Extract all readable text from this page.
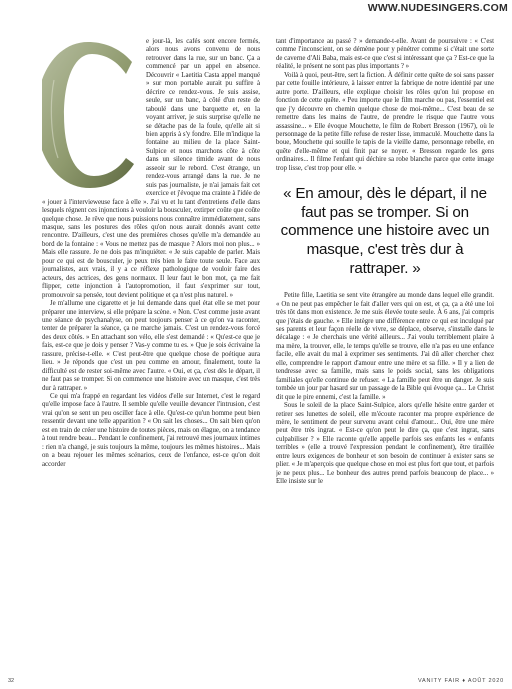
WWW.NUDESINGERS.COM

e jour-là, les cafés sont encore fermés, alors nous avons convenu de nous retrouver dans la rue, sur un banc. Ça a commencé par un appel en absence. Découvrir « Laetitia Casta appel manqué » sur mon portable aurait pu suffire à décrire ce rendez-vous. Je suis assise, seule, sur un banc, à côté d'un reste de taboulé dans une barquette et, en la voyant arriver, je suis surprise qu'elle ne se détache pas de la foule, qu'elle ait si bien appris à s'y fondre. Elle m'indique la fontaine au milieu de la place Saint-Sulpice et nous marchons côte à côte dans un silence timide avant de nous asseoir sur le rebord. C'est étrange, un rendez-vous arrangé dans la rue. Je ne suis pas journaliste, je n'ai jamais fait cet exercice et j'évoque ma crainte à l'idée de « jouer à l'intervieweuse face à elle ». J'ai vu et lu tant d'entretiens d'elle dans lesquels régnent ces injonctions à vouloir la bousculer, extirper coûte que coûte quelque chose. Je rêve que nous puissions nous connaître immédiatement, sans masque, sans les postures des rôles qu'on nous aurait donnés avant cette rencontre. D'ailleurs, c'est une des premières choses qu'elle m'a demandée au bord de la fontaine : « Vous ne mettez pas de masque ? Alors moi non plus... » Mais elle rassure. Je ne dois pas m'inquiéter. « Je suis capable de parler. Mais pour ce qui est de bousculer, je peux très bien le faire toute seule. Face aux journalistes, aux vrais, il y a ce réflexe pathologique de vouloir faire des acteurs, des actrices, des gens normaux. Il leur faut le bon mot, ça me fait flipper, cette injonction à l'autopromotion, il faut s'exprimer sur tout, promouvoir sa pensée, tout devient politique et ça n'est plus naturel. »

Je m'allume une cigarette et je lui demande dans quel état elle se met pour préparer une interview, si elle prépare la scène. « Non. C'est comme juste avant une séance de psychanalyse, on peut toujours penser à ce qu'on va raconter, tenter de préparer la séance, ça ne marche jamais. C'est un rendez-vous forcé des deux côtés. » En attachant son vélo, elle s'est demandé : « Qu'est-ce que je fais, est-ce que je dois y penser ? Vas-y comme tu es. » Que je sois écrivaine la rassure, précise-t-elle. « C'est peut-être que quelque chose de poétique aura lieu. » Je réponds que c'est un peu comme en amour, finalement, toute la difficulté est de rester soi-même avec l'autre. « Oui, et ça, c'est dès le départ, il ne faut pas se tromper. Si on commence une histoire avec un masque, c'est très dur à rattraper. »

Ce qui m'a frappé en regardant les vidéos d'elle sur Internet, c'est le regard qu'elle impose face à l'autre. Il semble qu'elle veuille devancer l'intrusion, c'est vrai qu'on se sent un peu osciller face à elle. Qu'est-ce qu'un homme peut bien ressentir devant une telle apparition ? « On sait les choses... On sait bien qu'on est en train de créer une histoire de toutes pièces, mais on élague, on a tendance à tout rendre beau... Pendant le confinement, j'ai retrouvé mes journaux intimes : rien n'a changé, je suis toujours la même, toujours les mêmes histoires... Mais on a beau rejouer les mêmes scénarios, ceux de l'enfance, est-ce qu'on doit accorder

tant d'importance au passé ? » demande-t-elle. Avant de poursuivre : « C'est comme l'inconscient, on se démène pour y pénétrer comme si c'était une sorte de caverne d'Ali Baba, mais est-ce que c'est si intéressant que ça ? Est-ce que la réalité, le présent ne sont pas plus importants ? »

Voilà à quoi, peut-être, sert la fiction. À définir cette quête de soi sans passer par cette fouille intérieure, à laisser entrer la fabrique de notre identité par une autre porte. D'ailleurs, elle explique choisir les rôles qu'on lui propose en fonction de cette quête. « Peu importe que le film marche ou pas, l'essentiel est que j'y découvre en chemin quelque chose de moi-même... C'est beau de se remettre dans les mains de l'autre, de prendre le risque que l'autre vous assassine... » Elle évoque Mouchette, le film de Robert Bresson (1967), où le personnage de la petite fille refuse de rester lisse, immaculé. Mouchette dans la boue, Mouchette qui souille le tapis de la vieille dame, personnage rebelle, en quête d'elle-même et qui finit par se noyer. « Bresson regarde les gens ordinaires... Il filme l'enfant qui déchire sa robe blanche parce que cette image trop lisse, c'est trop pour elle. »

« En amour, dès le départ, il ne faut pas se tromper. Si on commence une histoire avec un masque, c'est très dur à rattraper. »

Petite fille, Laetitia se sent vite étrangère au monde dans lequel elle grandit. « On ne peut pas empêcher le fait d'aller vers qui on est, et ça, ça a été une loi très tôt dans mon existence. Je me suis élevée toute seule. À 6 ans, j'ai compris que j'étais de gauche. » Elle intègre une différence entre ce qui est inculqué par ses parents et leur façon réelle de vivre, se déplace, observe, s'installe dans le décalage : « Je cherchais une vérité ailleurs... J'ai voulu terriblement plaire à ma mère, la trouver, elle, le temps qu'elle se trouve, elle n'a pas eu une enfance facile, elle avait du mal à exprimer ses sentiments. J'ai dû aller chercher chez elle, comprendre le rapport d'amour entre une mère et sa fille. » Il y a lien de tendresse avec sa famille, mais sans le poids social, sans les obligations familiales qu'elle continue de refuser. « La famille peut être un danger. Je suis tombée un jour par hasard sur un passage de la Bible qui évoque ça... Le Christ dit que le pire ennemi, c'est la famille. »

Sous le soleil de la place Saint-Sulpice, alors qu'elle hésite entre garder et retirer ses lunettes de soleil, elle m'écoute raconter ma propre expérience de mère, le sentiment de peur survenu avant celui d'amour... Oui, être une mère peut être très ingrat. « Est-ce qu'on peut le dire ça, que c'est ingrat, sans culpabiliser ? » Elle raconte qu'elle appelle parfois ses enfants les « enfants terribles » (elle a trouvé l'expression pendant le confinement), être tiraillée entre leurs exigences de bonheur et son besoin de continuer à exister sans se plier. « Je m'aperçois que quelque chose en moi est plus fort que tout, et parfois je ne peux plus... Le bonheur des autres prend parfois beaucoup de place... » Elle insiste sur le

32	VANITY FAIR ♦ AOÛT 2020
